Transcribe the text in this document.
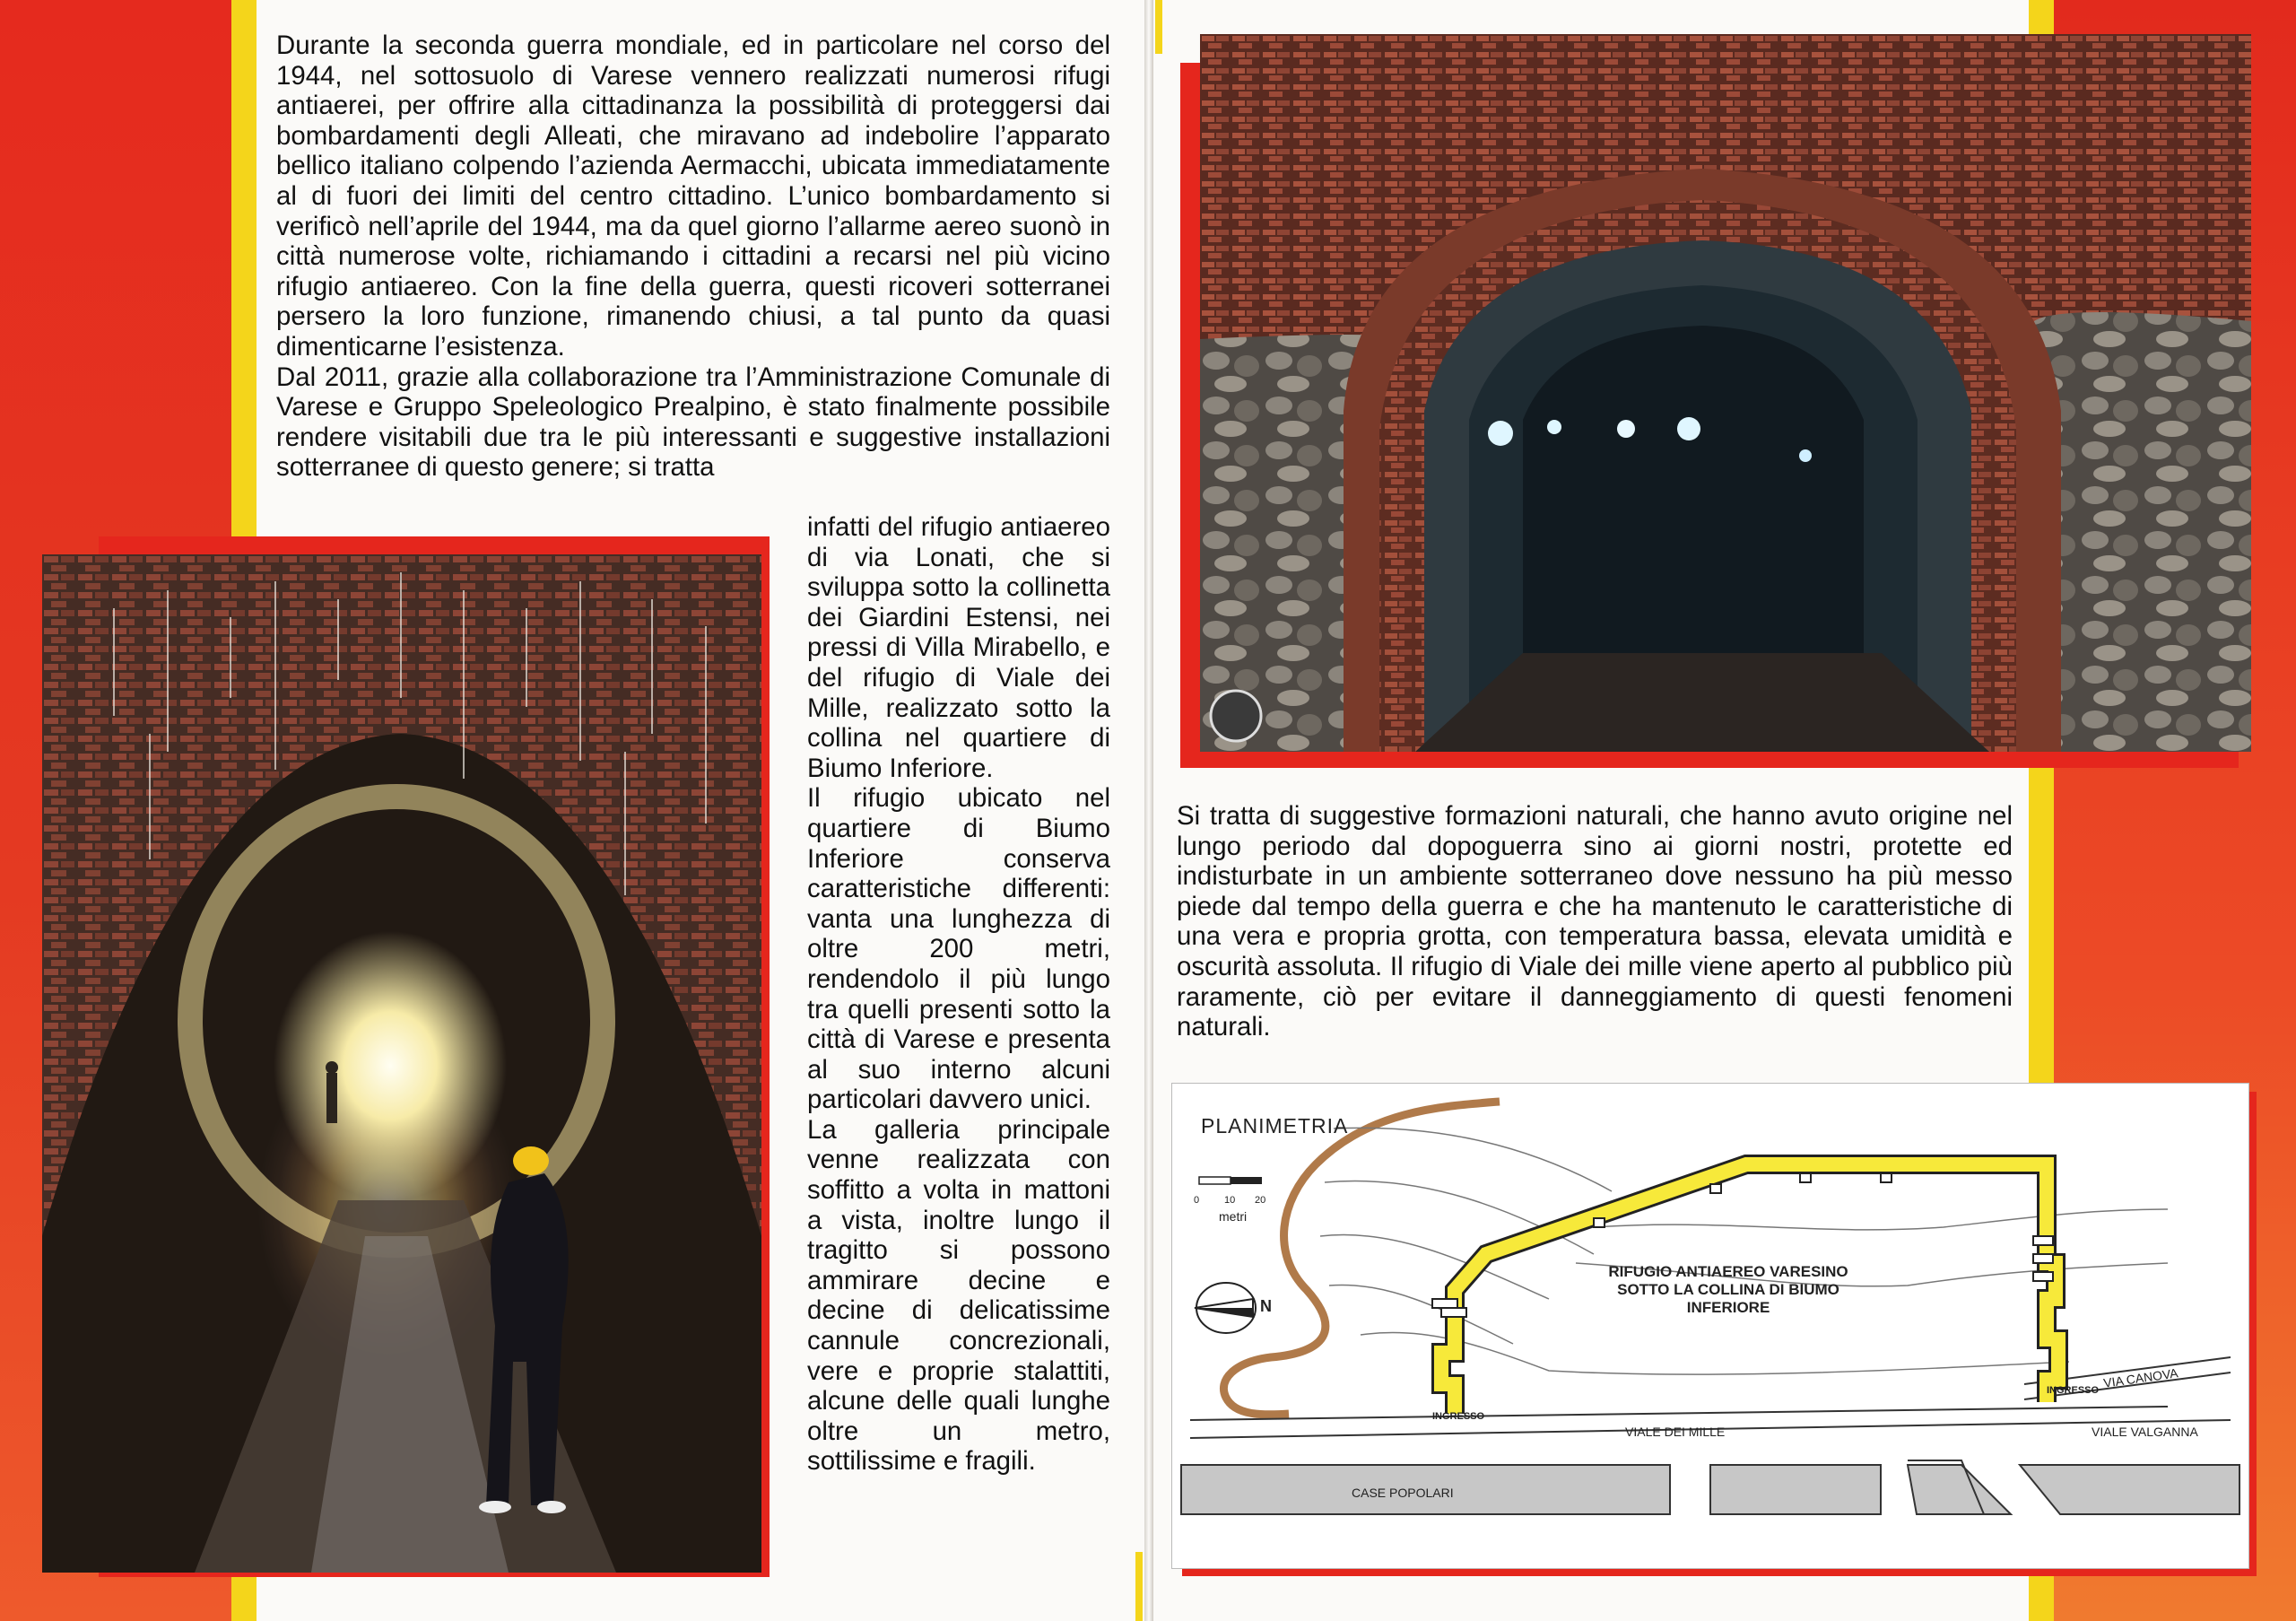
Durante la seconda guerra mondiale, ed in particolare nel corso del 1944, nel sottosuolo di Varese vennero realizzati numerosi rifugi antiaerei, per offrire alla cittadinanza la possibilità di proteggersi dai bombardamenti degli Alleati, che miravano ad indebolire l’apparato bellico italiano colpendo l’azienda Aermacchi, ubicata immediatamente al di fuori dei limiti del centro cittadino. L’unico bombardamento si verificò nell’aprile del 1944, ma da quel giorno l’allarme aereo suonò in città numerose volte, richiamando i cittadini a recarsi nel più vicino rifugio antiaereo. Con la fine della guerra, questi ricoveri sotterranei persero la loro funzione, rimanendo chiusi, a tal punto da quasi dimenticarne l’esistenza.

Dal 2011, grazie alla collaborazione tra l’Amministrazione Comunale di Varese e Gruppo Speleologico Prealpino, è stato finalmente possibile rendere visitabili due tra le più interessanti e suggestive installazioni sotterranee di questo genere; si tratta

infatti del rifugio antiaereo di via Lonati, che si sviluppa sotto la collinetta dei Giardini Estensi, nei pressi di Villa Mirabello, e del rifugio di Viale dei Mille, realizzato sotto la collina nel quartiere di Biumo Inferiore.

Il rifugio ubicato nel quartiere di Biumo Inferiore conserva caratteristiche differenti: vanta una lunghezza di oltre 200 metri, rendendolo il più lungo tra quelli presenti sotto la città di Varese e presenta al suo interno alcuni particolari davvero unici.

La galleria principale venne realizzata con soffitto a volta in mattoni a vista, inoltre lungo il tragitto si possono ammirare decine e decine di delicatissime cannule concrezionali, vere e proprie stalattiti, alcune delle quali lunghe oltre un metro, sottilissime e fragili.

Si tratta di suggestive formazioni naturali, che hanno avuto origine nel lungo periodo dal dopoguerra sino ai giorni nostri, protette ed indisturbate in un ambiente sotterraneo dove nessuno ha più messo piede dal tempo della guerra e che ha mantenuto le caratteristiche di una vera e propria grotta, con temperatura bassa, elevata umidità e oscurità assoluta. Il rifugio di Viale dei mille viene aperto al pubblico più raramente, ciò per evitare il danneggiamento di questi fenomeni naturali.

PLANIMETRIA
0	10 20
metri
N
RIFUGIO ANTIAEREO VARESINO
SOTTO LA COLLINA DI BIUMO INFERIORE
INGRESSO
INGRESSO
VIALE DEI MILLE
VIA CANOVA
VIALE VALGANNA
CASE POPOLARI
